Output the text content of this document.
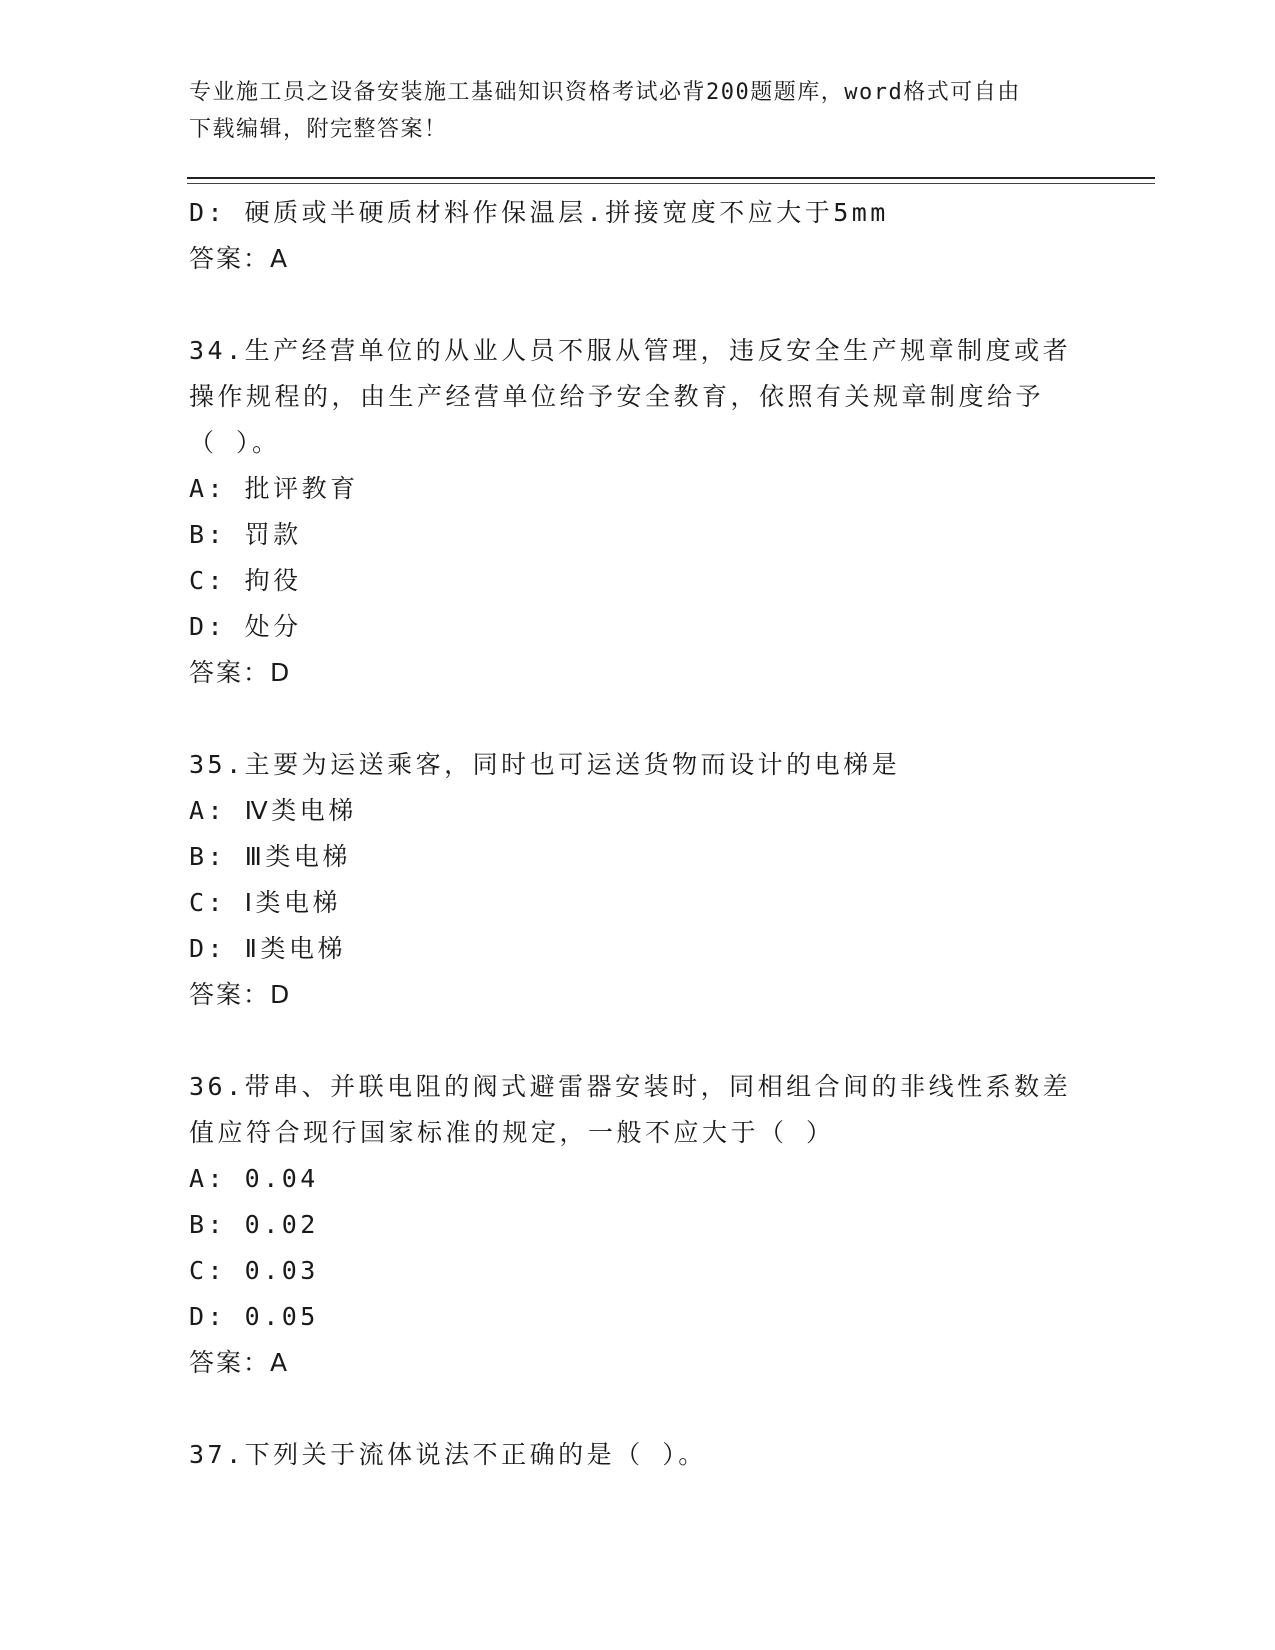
专业施工员之设备安装施工基础知识资格考试必背200题题库，word格式可自由
下载编辑，附完整答案！
D: 硬质或半硬质材料作保温层.拼接宽度不应大于5mm
答案：A
34.生产经营单位的从业人员不服从管理，违反安全生产规章制度或者
操作规程的，由生产经营单位给予安全教育，依照有关规章制度给予
（ ）。
A: 批评教育
B: 罚款
C: 拘役
D: 处分
答案：D
35.主要为运送乘客，同时也可运送货物而设计的电梯是
A: Ⅳ类电梯
B: Ⅲ类电梯
C: Ⅰ类电梯
D: Ⅱ类电梯
答案：D
36.带串、并联电阻的阀式避雷器安装时，同相组合间的非线性系数差
值应符合现行国家标准的规定，一般不应大于（ ）
A: 0.04
B: 0.02
C: 0.03
D: 0.05
答案：A
37.下列关于流体说法不正确的是（ ）。
